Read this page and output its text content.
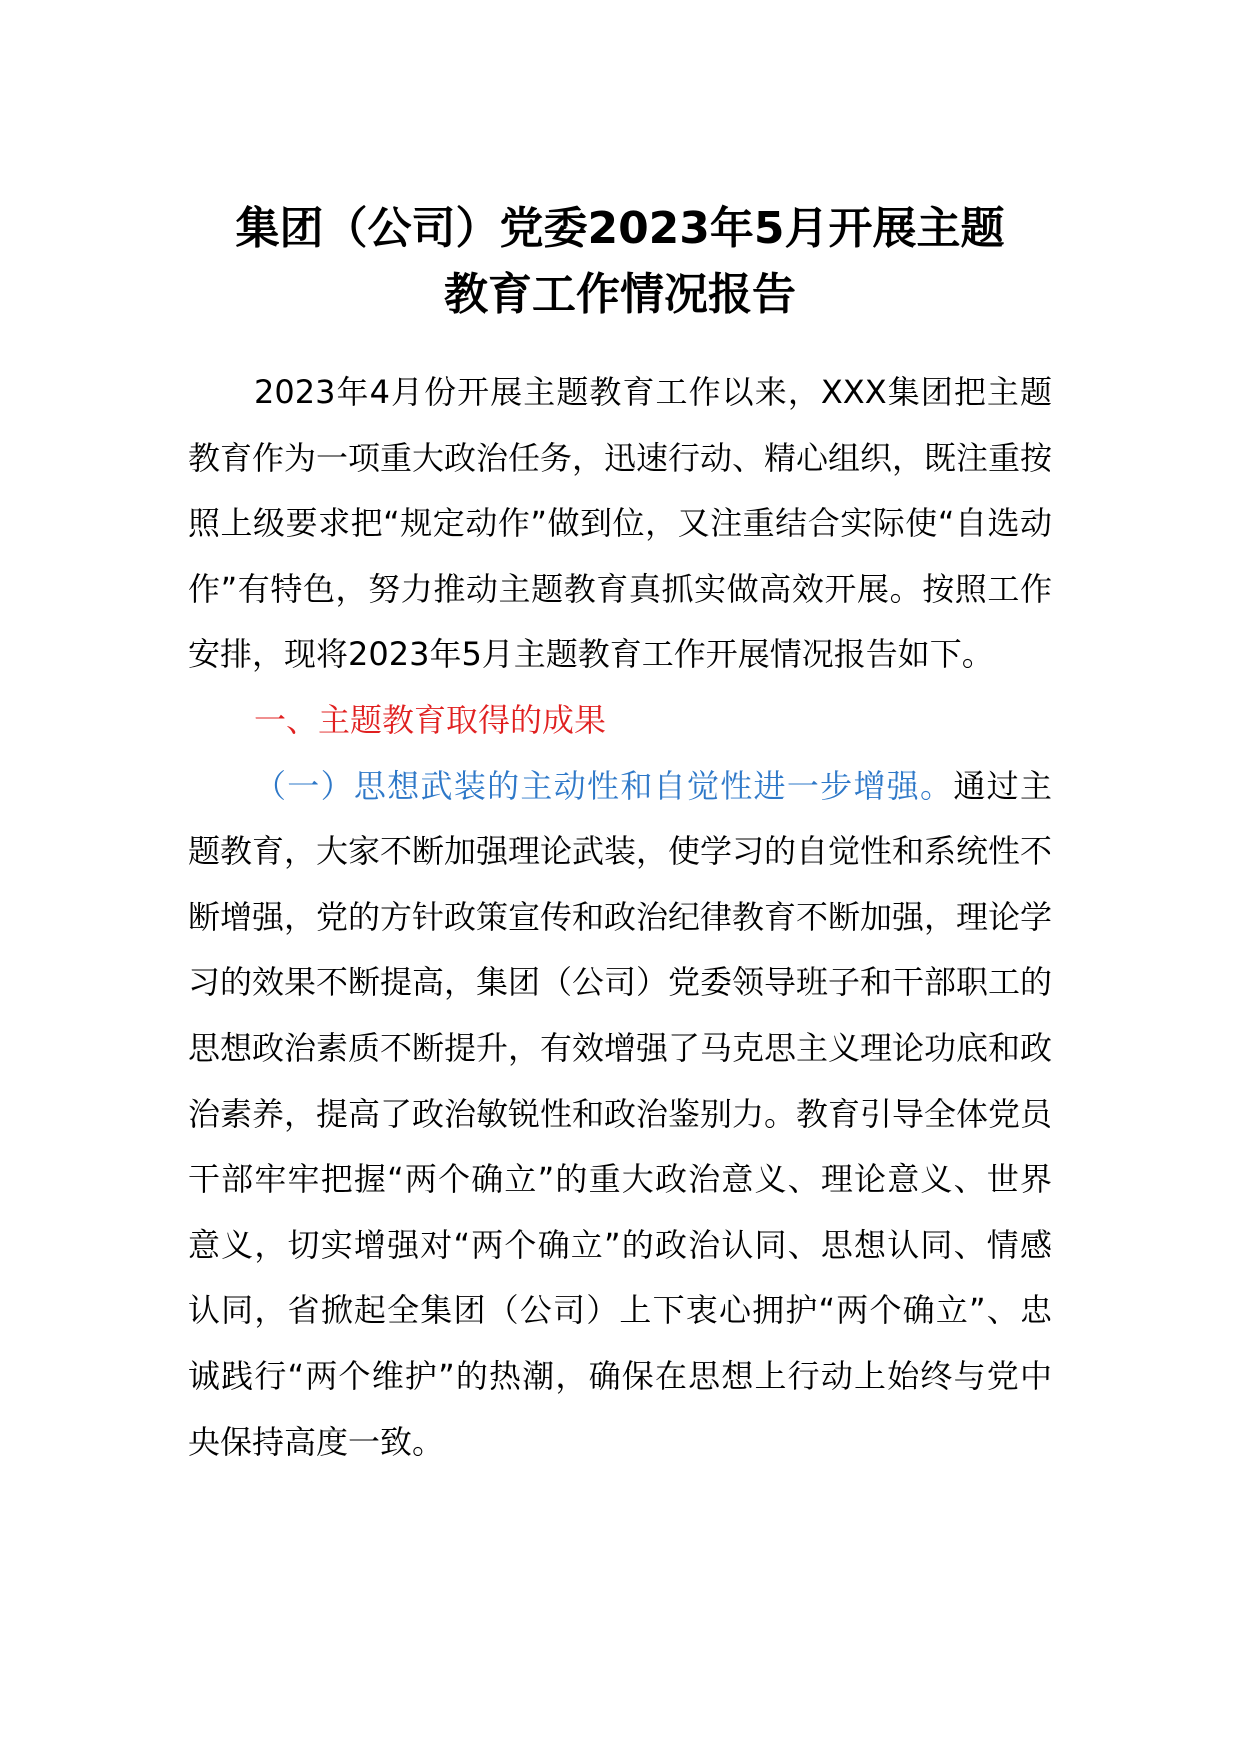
集团（公司）党委2023年5月开展主题
教育工作情况报告
2023年4月份开展主题教育工作以来，XXX集团把主题教育作为一项重大政治任务，迅速行动、精心组织，既注重按照上级要求把“规定动作”做到位，又注重结合实际使“自选动作”有特色，努力推动主题教育真抓实做高效开展。按照工作安排，现将2023年5月主题教育工作开展情况报告如下。
一、主题教育取得的成果
（一）思想武装的主动性和自觉性进一步增强。通过主题教育，大家不断加强理论武装，使学习的自觉性和系统性不断增强，党的方针政策宣传和政治纪律教育不断加强，理论学习的效果不断提高，集团（公司）党委领导班子和干部职工的思想政治素质不断提升，有效增强了马克思主义理论功底和政治素养，提高了政治敏锐性和政治鉴别力。教育引导全体党员干部牢牢把握“两个确立”的重大政治意义、理论意义、世界意义，切实增强对“两个确立”的政治认同、思想认同、情感认同，省掀起全集团（公司）上下衷心拥护“两个确立”、忠诚践行“两个维护”的热潮，确保在思想上行动上始终与党中央保持高度一致。
